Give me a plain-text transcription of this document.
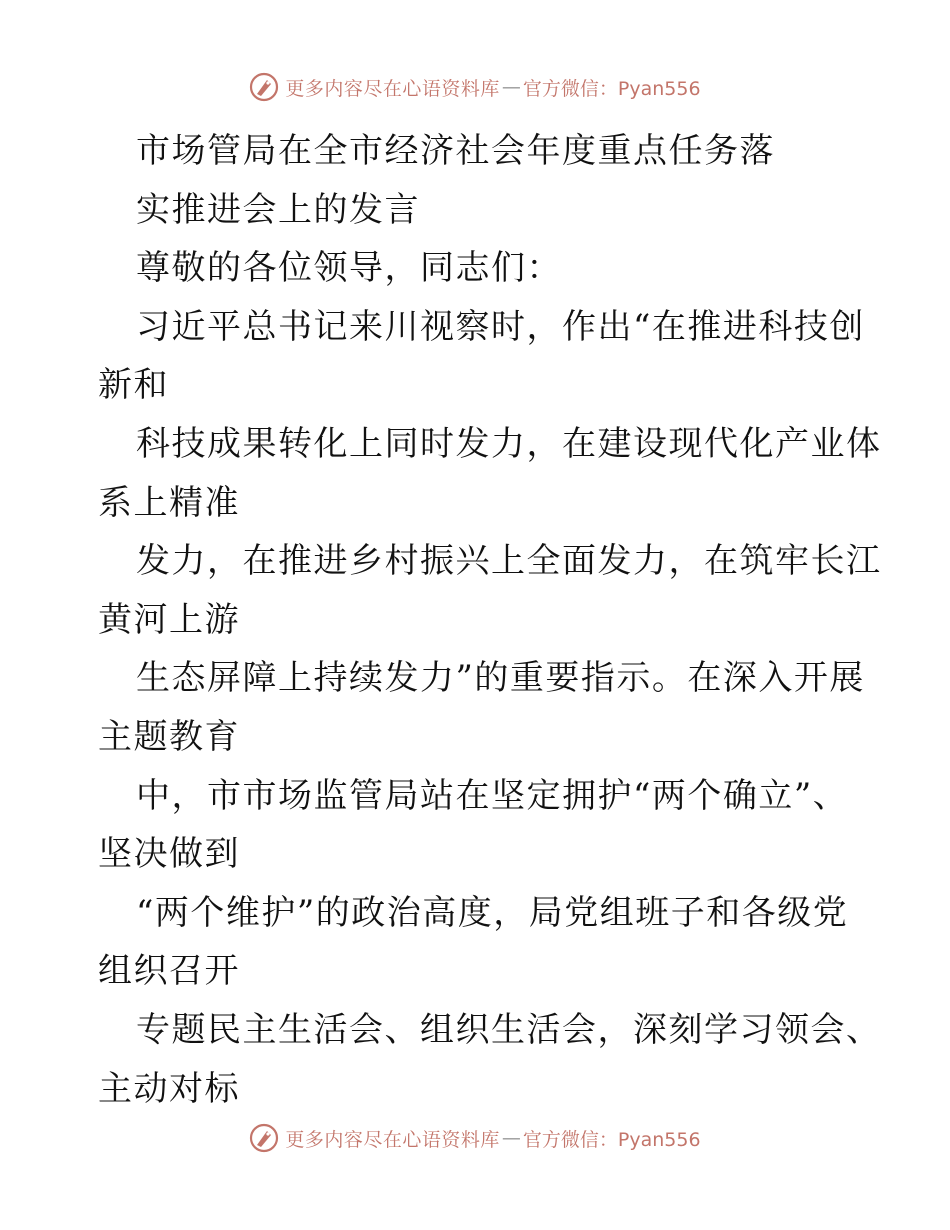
更多内容尽在心语资料库 — 官方微信：Pyan556
市场管局在全市经济社会年度重点任务落
实推进会上的发言
尊敬的各位领导，同志们：
习近平总书记来川视察时，作出“在推进科技创
新和
科技成果转化上同时发力，在建设现代化产业体
系上精准
发力，在推进乡村振兴上全面发力，在筑牢长江
黄河上游
生态屏障上持续发力”的重要指示。在深入开展
主题教育
中，市市场监管局站在坚定拥护“两个确立”、
坚决做到
“两个维护”的政治高度，局党组班子和各级党
组织召开
专题民主生活会、组织生活会，深刻学习领会、
主动对标
更多内容尽在心语资料库 — 官方微信：Pyan556
